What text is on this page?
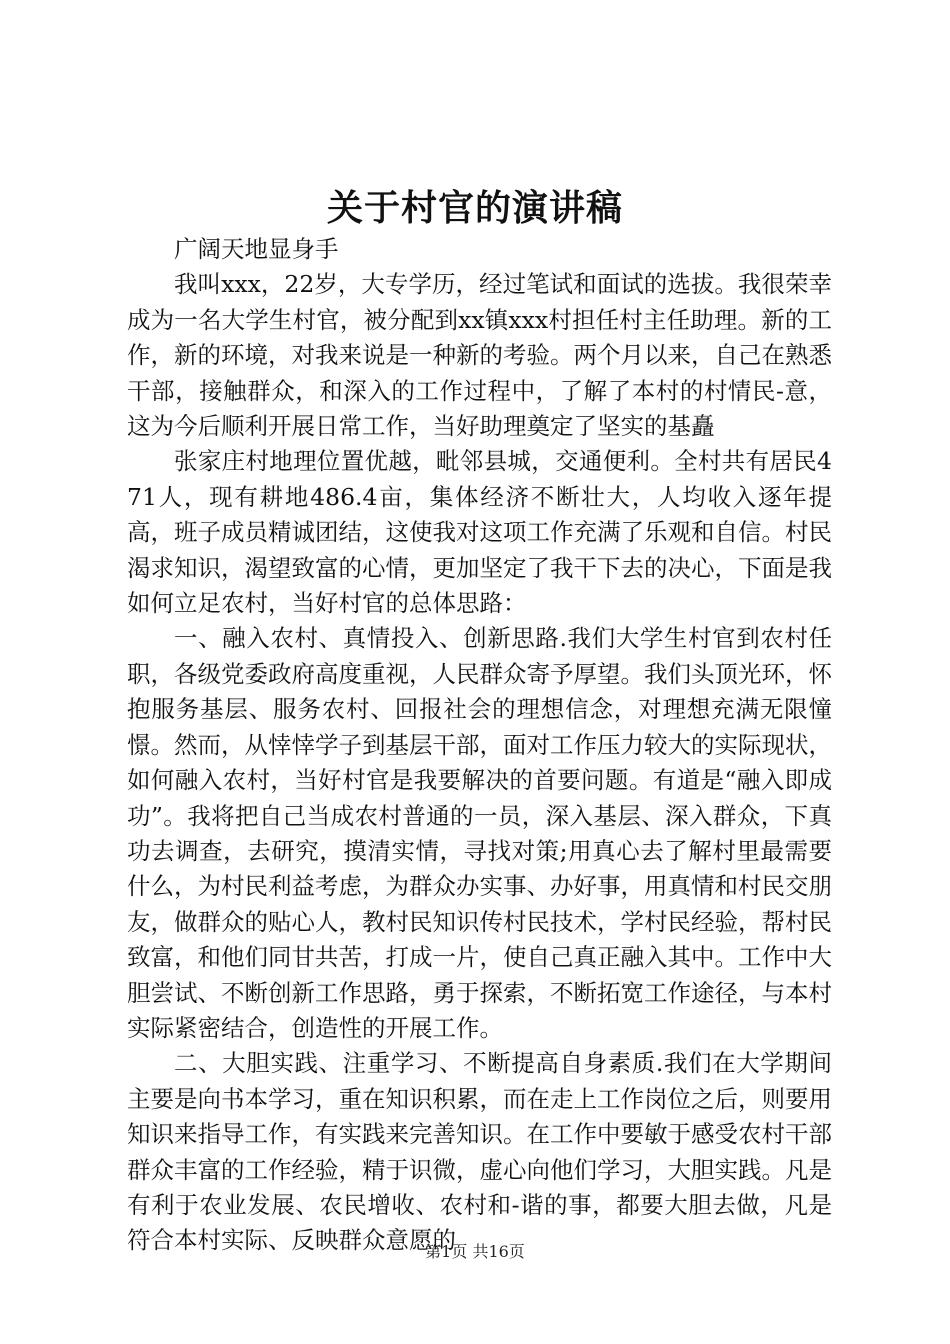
关于村官的演讲稿

广阔天地显身手

我叫xxx，22岁，大专学历，经过笔试和面试的选拔。我很荣幸成为一名大学生村官，被分配到xx镇xxx村担任村主任助理。新的工作，新的环境，对我来说是一种新的考验。两个月以来，自己在熟悉干部，接触群众，和深入的工作过程中，了解了本村的村情民-意，这为今后顺利开展日常工作，当好助理奠定了坚实的基矗

张家庄村地理位置优越，毗邻县城，交通便利。全村共有居民471人，现有耕地486.4亩，集体经济不断壮大，人均收入逐年提高，班子成员精诚团结，这使我对这项工作充满了乐观和自信。村民渴求知识，渴望致富的心情，更加坚定了我干下去的决心，下面是我如何立足农村，当好村官的总体思路：

一、融入农村、真情投入、创新思路.我们大学生村官到农村任职，各级党委政府高度重视，人民群众寄予厚望。我们头顶光环，怀抱服务基层、服务农村、回报社会的理想信念，对理想充满无限憧憬。然而，从悻悻学子到基层干部，面对工作压力较大的实际现状，如何融入农村，当好村官是我要解决的首要问题。有道是“融入即成功”。我将把自己当成农村普通的一员，深入基层、深入群众，下真功去调查，去研究，摸清实情，寻找对策;用真心去了解村里最需要什么，为村民利益考虑，为群众办实事、办好事，用真情和村民交朋友，做群众的贴心人，教村民知识传村民技术，学村民经验，帮村民致富，和他们同甘共苦，打成一片，使自己真正融入其中。工作中大胆尝试、不断创新工作思路，勇于探索，不断拓宽工作途径，与本村实际紧密结合，创造性的开展工作。

二、大胆实践、注重学习、不断提高自身素质.我们在大学期间主要是向书本学习，重在知识积累，而在走上工作岗位之后，则要用知识来指导工作，有实践来完善知识。在工作中要敏于感受农村干部群众丰富的工作经验，精于识微，虚心向他们学习，大胆实践。凡是有利于农业发展、农民增收、农村和-谐的事，都要大胆去做，凡是符合本村实际、反映群众意愿的

第1页 共16页
